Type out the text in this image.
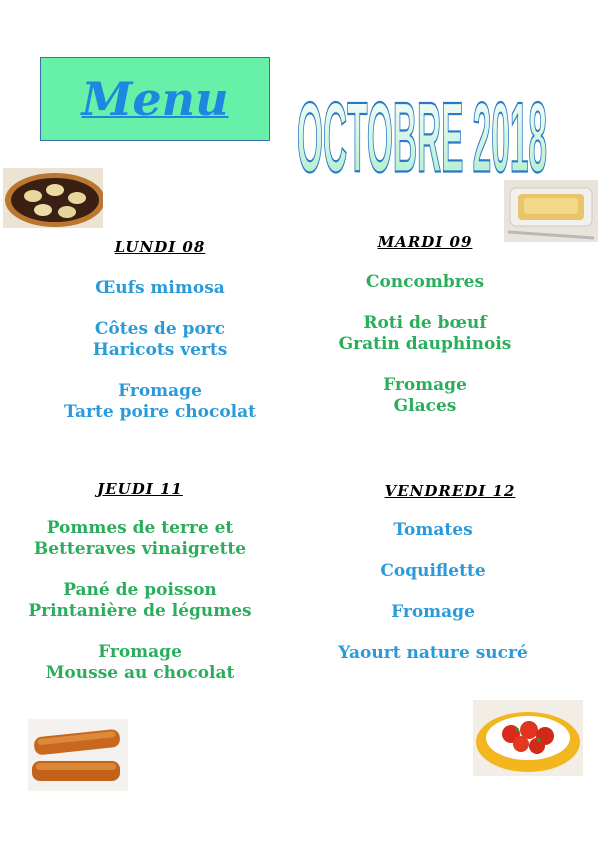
Menu OCTOBRE 2018
LUNDI 08
Œufs mimosa
Côtes de porc
Haricots verts
Fromage
Tarte poire chocolat
MARDI 09
Concombres
Roti de bœuf
Gratin dauphinois
Fromage
Glaces
JEUDI 11
Pommes de terre et
Betteraves vinaigrette
Pané de poisson
Printanière de légumes
Fromage
Mousse au chocolat
VENDREDI 12
Tomates
Coquiflette
Fromage
Yaourt nature sucré
